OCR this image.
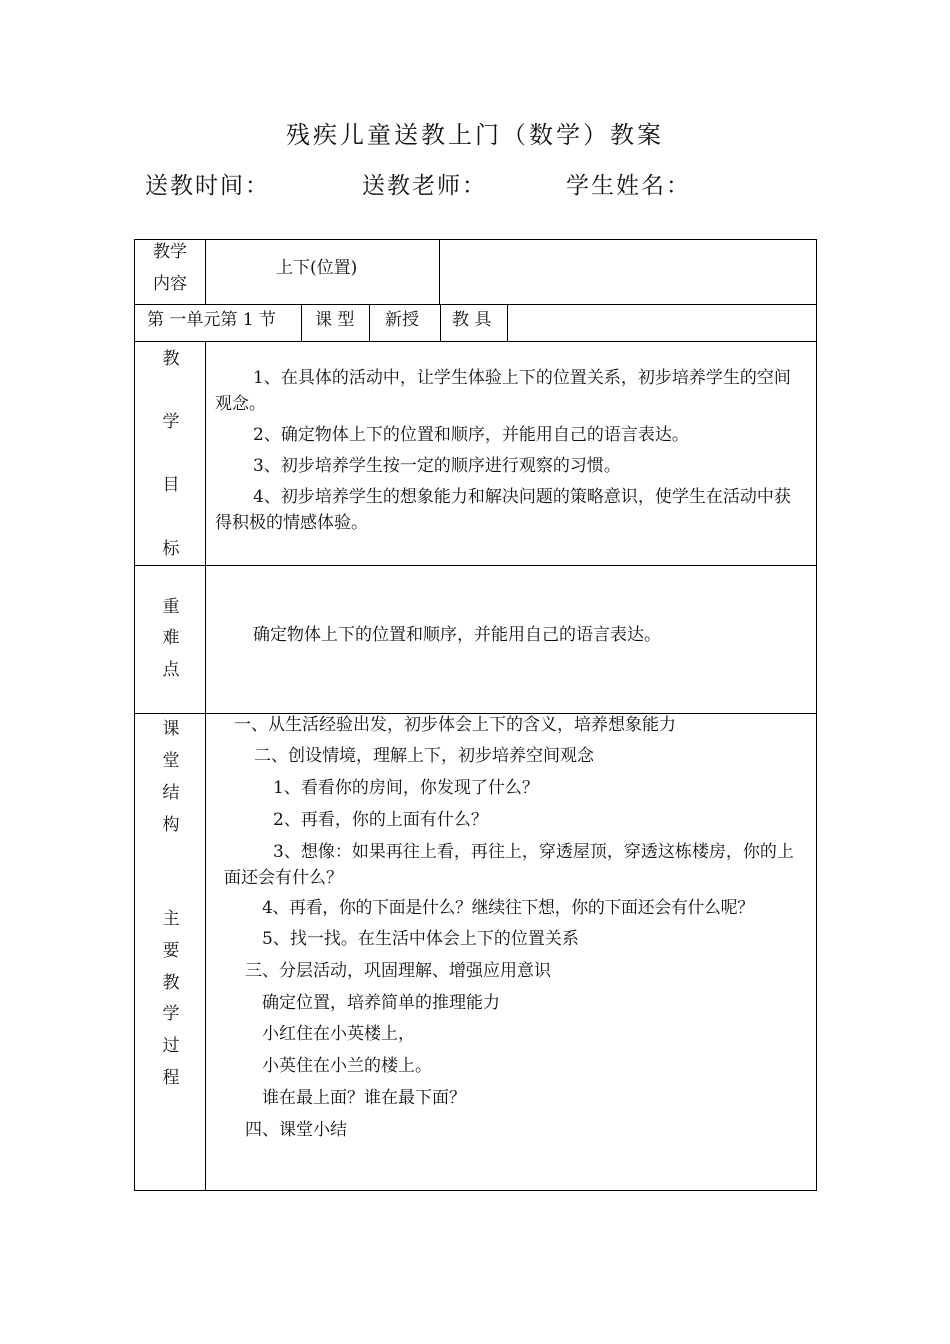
残疾儿童送教上门（数学）教案
送教时间：	送教老师：	学生姓名：
教学
内容
上下(位置)
第 一单元第 1 节 课 型 新授 教 具
教
学
目
标
1、在具体的活动中，让学生体验上下的位置关系，初步培养学生的空间观念。
2、确定物体上下的位置和顺序，并能用自己的语言表达。
3、初步培养学生按一定的顺序进行观察的习惯。
4、初步培养学生的想象能力和解决问题的策略意识，使学生在活动中获得积极的情感体验。
重
难
点
确定物体上下的位置和顺序，并能用自己的语言表达。
课
堂
结
构
主
要
教
学
过
程
一、从生活经验出发，初步体会上下的含义，培养想象能力
二、创设情境，理解上下，初步培养空间观念
1、看看你的房间，你发现了什么？
2、再看，你的上面有什么？
3、想像：如果再往上看，再往上，穿透屋顶，穿透这栋楼房，你的上面还会有什么？
4、再看，你的下面是什么？继续往下想，你的下面还会有什么呢？
5、找一找。在生活中体会上下的位置关系
三、分层活动，巩固理解、增强应用意识
确定位置，培养简单的推理能力
小红住在小英楼上，
小英住在小兰的楼上。
谁在最上面？谁在最下面？
四、课堂小结
